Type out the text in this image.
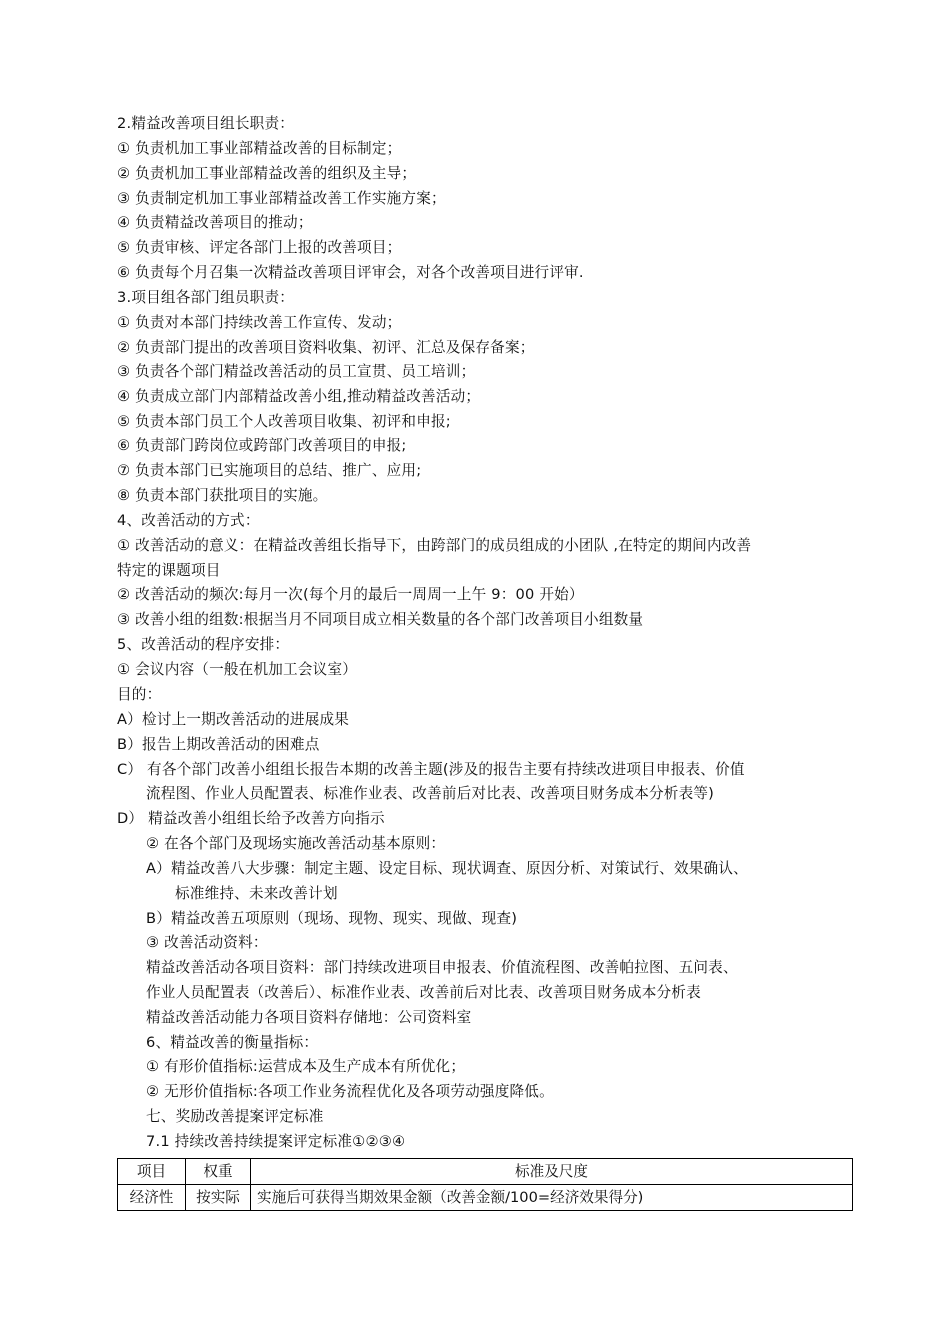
2.精益改善项目组长职责：
① 负责机加工事业部精益改善的目标制定；
② 负责机加工事业部精益改善的组织及主导；
③ 负责制定机加工事业部精益改善工作实施方案；
④ 负责精益改善项目的推动；
⑤ 负责审核、评定各部门上报的改善项目；
⑥ 负责每个月召集一次精益改善项目评审会，对各个改善项目进行评审.
3.项目组各部门组员职责：
① 负责对本部门持续改善工作宣传、发动；
② 负责部门提出的改善项目资料收集、初评、汇总及保存备案；
③ 负责各个部门精益改善活动的员工宣贯、员工培训；
④ 负责成立部门内部精益改善小组,推动精益改善活动；
⑤ 负责本部门员工个人改善项目收集、初评和申报;
⑥ 负责部门跨岗位或跨部门改善项目的申报;
⑦ 负责本部门已实施项目的总结、推广、应用;
⑧ 负责本部门获批项目的实施。
4、改善活动的方式：
① 改善活动的意义：在精益改善组长指导下，由跨部门的成员组成的小团队 ,在特定的期间内改善
特定的课题项目
② 改善活动的频次:每月一次(每个月的最后一周周一上午 9：00 开始）
③ 改善小组的组数:根据当月不同项目成立相关数量的各个部门改善项目小组数量
5、改善活动的程序安排：
① 会议内容（一般在机加工会议室）
目的：
A）检讨上一期改善活动的进展成果
B）报告上期改善活动的困难点
C） 有各个部门改善小组组长报告本期的改善主题(涉及的报告主要有持续改进项目申报表、价值
流程图、作业人员配置表、标准作业表、改善前后对比表、改善项目财务成本分析表等)
D） 精益改善小组组长给予改善方向指示
② 在各个部门及现场实施改善活动基本原则：
A）精益改善八大步骤：制定主题、设定目标、现状调查、原因分析、对策试行、效果确认、
标准维持、未来改善计划
B）精益改善五项原则（现场、现物、现实、现做、现查)
③ 改善活动资料：
精益改善活动各项目资料：部门持续改进项目申报表、价值流程图、改善帕拉图、五问表、
作业人员配置表（改善后）、标准作业表、改善前后对比表、改善项目财务成本分析表
精益改善活动能力各项目资料存储地：公司资料室
6、精益改善的衡量指标：
① 有形价值指标:运营成本及生产成本有所优化；
② 无形价值指标:各项工作业务流程优化及各项劳动强度降低。
七、奖励改善提案评定标准
7.1 持续改善持续提案评定标准①②③④
项目	权重	标准及尺度
经济性	按实际	实施后可获得当期效果金额（改善金额/100=经济效果得分)
